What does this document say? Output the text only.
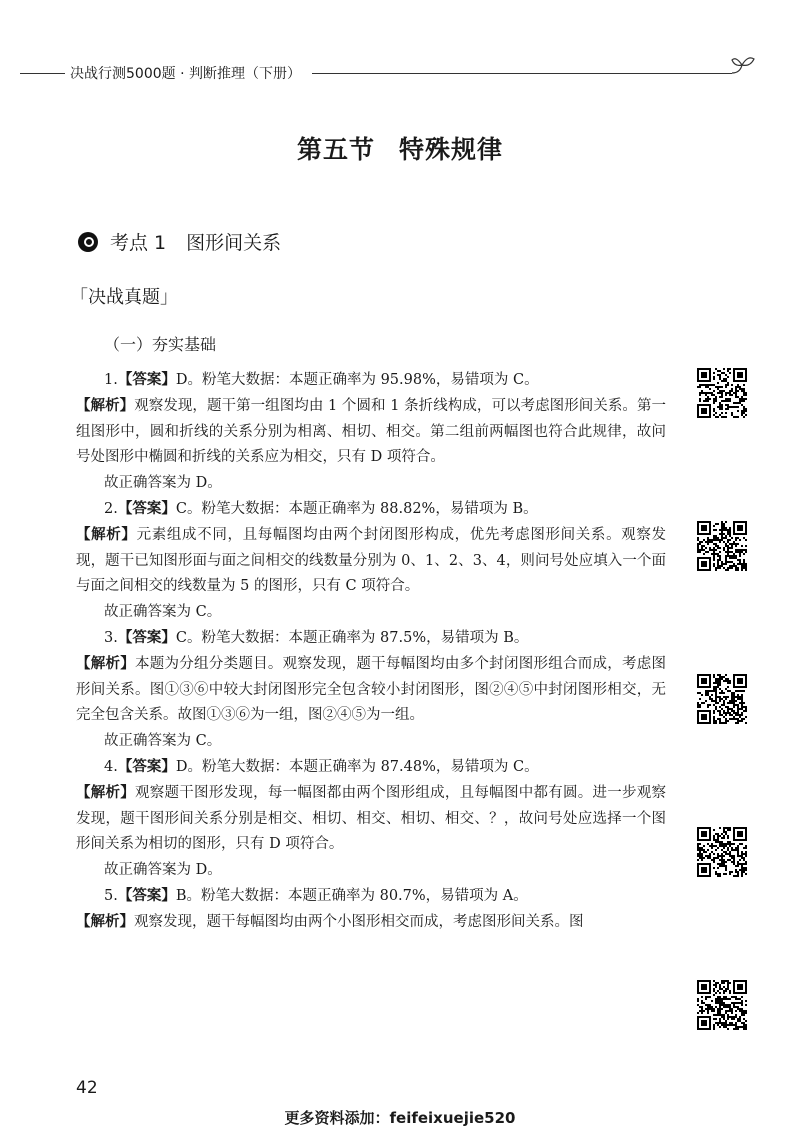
决战行测5000题 · 判断推理（下册）
第五节 特殊规律
考点 1 图形间关系
「决战真题」
（一）夯实基础

1.【答案】D。粉笔大数据：本题正确率为 95.98%，易错项为 C。

【解析】观察发现，题干第一组图均由 1 个圆和 1 条折线构成，可以考虑图形间关系。第一组图形中，圆和折线的关系分别为相离、相切、相交。第二组前两幅图也符合此规律，故问号处图形中椭圆和折线的关系应为相交，只有 D 项符合。

故正确答案为 D。

2.【答案】C。粉笔大数据：本题正确率为 88.82%，易错项为 B。

【解析】元素组成不同，且每幅图均由两个封闭图形构成，优先考虑图形间关系。观察发现，题干已知图形面与面之间相交的线数量分别为 0、1、2、3、4，则问号处应填入一个面与面之间相交的线数量为 5 的图形，只有 C 项符合。

故正确答案为 C。

3.【答案】C。粉笔大数据：本题正确率为 87.5%，易错项为 B。

【解析】本题为分组分类题目。观察发现，题干每幅图均由多个封闭图形组合而成，考虑图形间关系。图①③⑥中较大封闭图形完全包含较小封闭图形，图②④⑤中封闭图形相交，无完全包含关系。故图①③⑥为一组，图②④⑤为一组。

故正确答案为 C。

4.【答案】D。粉笔大数据：本题正确率为 87.48%，易错项为 C。

【解析】观察题干图形发现，每一幅图都由两个图形组成，且每幅图中都有圆。进一步观察发现，题干图形间关系分别是相交、相切、相交、相切、相交、？，故问号处应选择一个图形间关系为相切的图形，只有 D 项符合。

故正确答案为 D。

5.【答案】B。粉笔大数据：本题正确率为 80.7%，易错项为 A。

【解析】观察发现，题干每幅图均由两个小图形相交而成，考虑图形间关系。图

42
更多资料添加：feifeixuejie520
